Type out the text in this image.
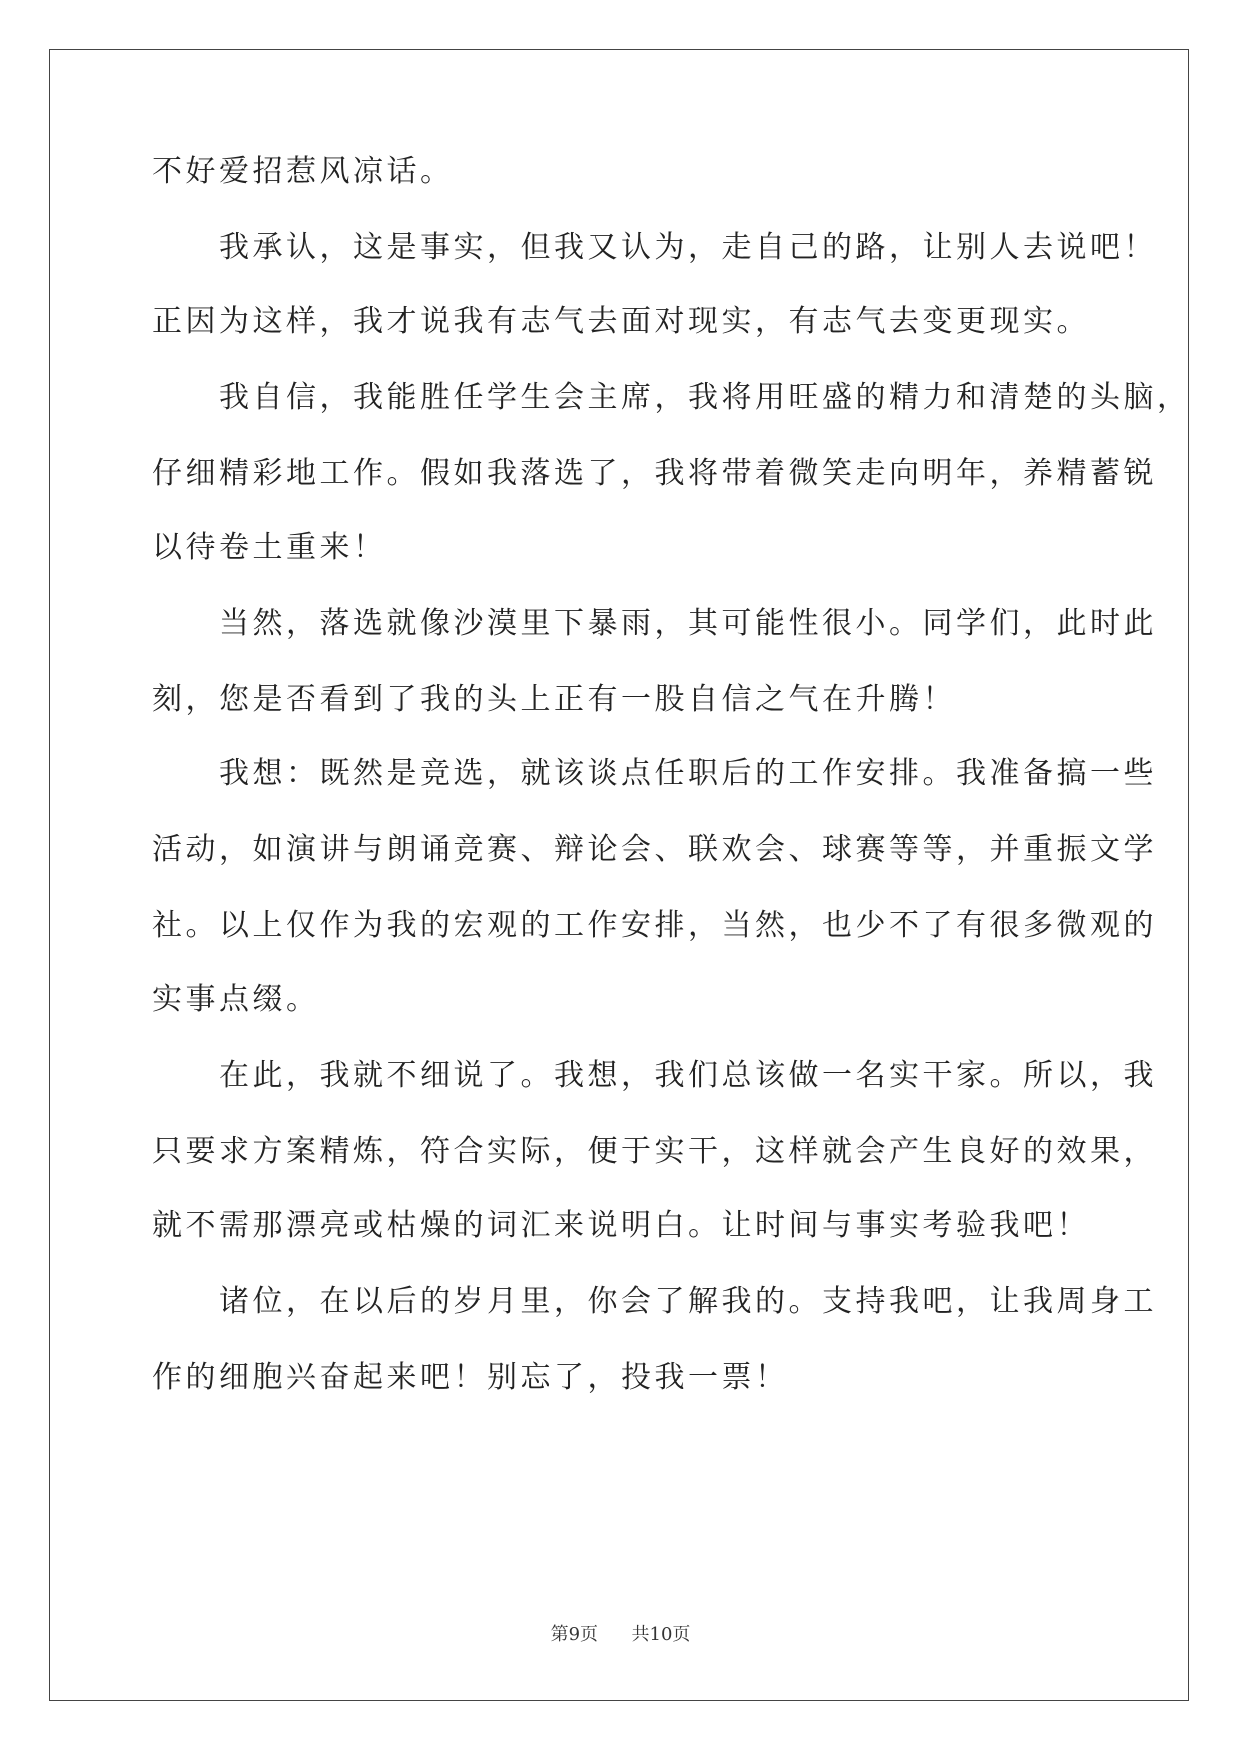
不好爱招惹风凉话。
　　我承认，这是事实，但我又认为，走自己的路，让别人去说吧！
正因为这样，我才说我有志气去面对现实，有志气去变更现实。
　　我自信，我能胜任学生会主席，我将用旺盛的精力和清楚的头脑，
仔细精彩地工作。假如我落选了，我将带着微笑走向明年，养精蓄锐
以待卷土重来！
　　当然，落选就像沙漠里下暴雨，其可能性很小。同学们，此时此
刻，您是否看到了我的头上正有一股自信之气在升腾！
　　我想：既然是竞选，就该谈点任职后的工作安排。我准备搞一些
活动，如演讲与朗诵竞赛、辩论会、联欢会、球赛等等，并重振文学
社。以上仅作为我的宏观的工作安排，当然，也少不了有很多微观的
实事点缀。
　　在此，我就不细说了。我想，我们总该做一名实干家。所以，我
只要求方案精炼，符合实际，便于实干，这样就会产生良好的效果，
就不需那漂亮或枯燥的词汇来说明白。让时间与事实考验我吧！
　　诸位，在以后的岁月里，你会了解我的。支持我吧，让我周身工
作的细胞兴奋起来吧！别忘了，投我一票！
第9页 共10页
